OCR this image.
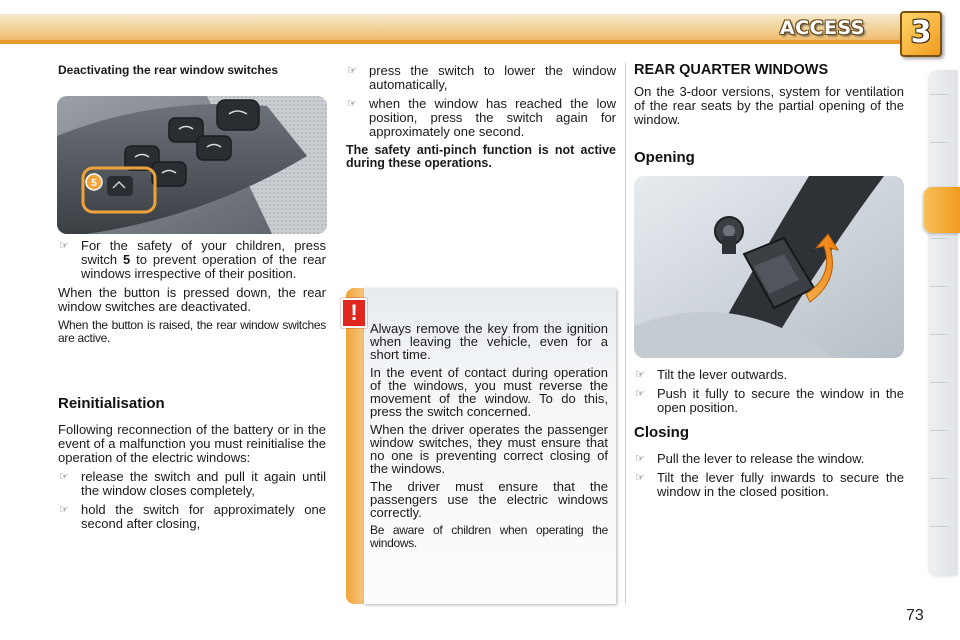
ACCESS 3
Deactivating the rear window switches
5
☞ For the safety of your children, press switch 5 to prevent operation of the rear windows irrespective of their position.

When the button is pressed down, the rear window switches are deactivated.

When the button is raised, the rear window switches are active.

Reinitialisation

Following reconnection of the battery or in the event of a malfunction you must reinitialise the operation of the electric windows:

☞ release the switch and pull it again until the window closes completely,
☞ hold the switch for approximately one second after closing,
☞ press the switch to lower the window automatically,
☞ when the window has reached the low position, press the switch again for approximately one second.

The safety anti-pinch function is not active during these operations.

!

Always remove the key from the ignition when leaving the vehicle, even for a short time.

In the event of contact during operation of the windows, you must reverse the movement of the window. To do this, press the switch concerned.

When the driver operates the passenger window switches, they must ensure that no one is preventing correct closing of the windows.

The driver must ensure that the passengers use the electric windows correctly.

Be aware of children when operating the windows.

REAR QUARTER WINDOWS

On the 3-door versions, system for ventilation of the rear seats by the partial opening of the window.

Opening
☞ Tilt the lever outwards.
☞ Push it fully to secure the window in the open position.
Closing
☞ Pull the lever to release the window.
☞ Tilt the lever fully inwards to secure the window in the closed position.
73
